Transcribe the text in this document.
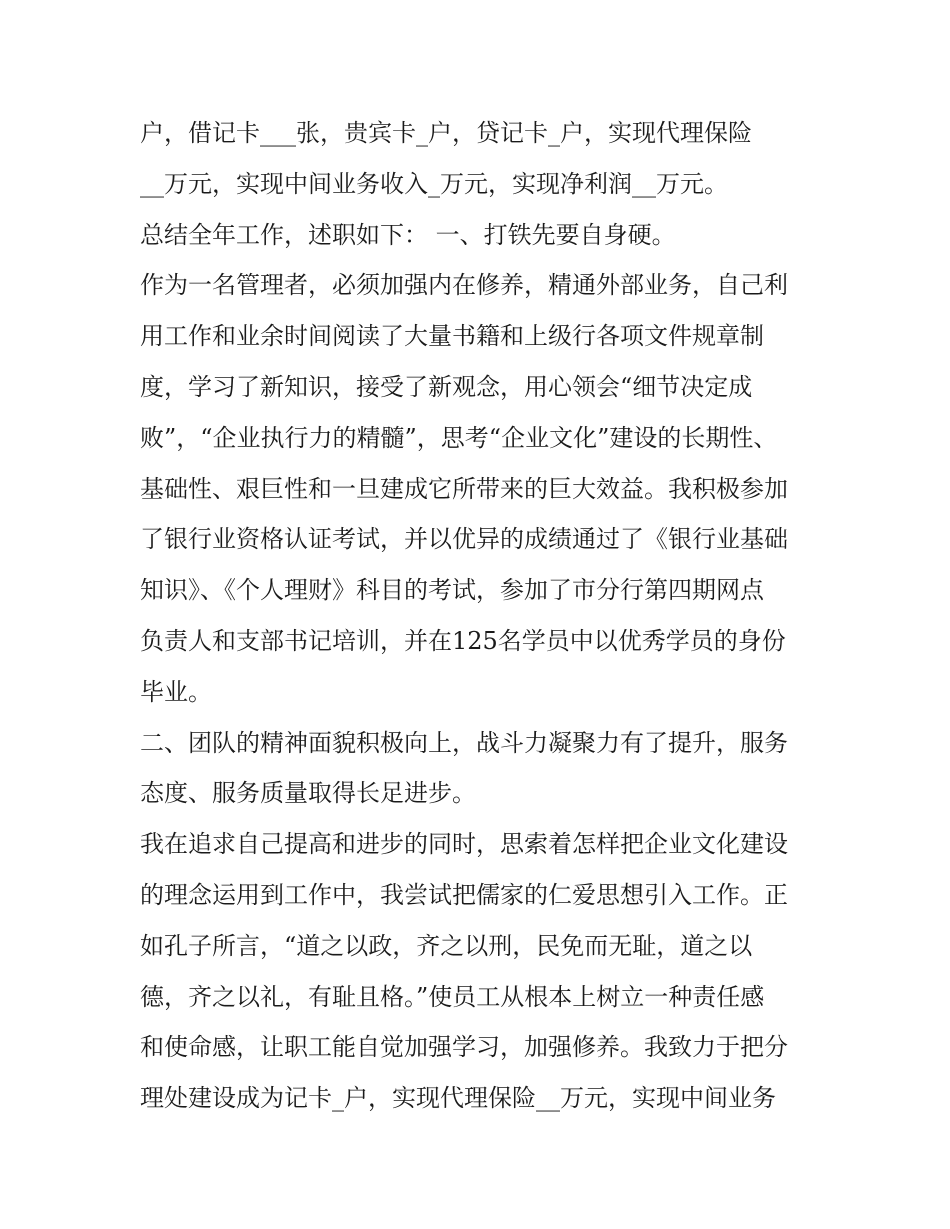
户，借记卡___张，贵宾卡_户，贷记卡_户，实现代理保险
__万元，实现中间业务收入_万元，实现净利润__万元。
总结全年工作，述职如下： 一、打铁先要自身硬。
作为一名管理者，必须加强内在修养，精通外部业务，自己利
用工作和业余时间阅读了大量书籍和上级行各项文件规章制
度，学习了新知识，接受了新观念，用心领会“细节决定成
败”，“企业执行力的精髓”，思考“企业文化”建设的长期性、
基础性、艰巨性和一旦建成它所带来的巨大效益。我积极参加
了银行业资格认证考试，并以优异的成绩通过了《银行业基础
知识》、《个人理财》科目的考试，参加了市分行第四期网点
负责人和支部书记培训，并在125名学员中以优秀学员的身份
毕业。
二、团队的精神面貌积极向上，战斗力凝聚力有了提升，服务
态度、服务质量取得长足进步。
我在追求自己提高和进步的同时，思索着怎样把企业文化建设
的理念运用到工作中，我尝试把儒家的仁爱思想引入工作。正
如孔子所言，“道之以政，齐之以刑，民免而无耻，道之以
德，齐之以礼，有耻且格。”使员工从根本上树立一种责任感
和使命感，让职工能自觉加强学习，加强修养。我致力于把分
理处建设成为记卡_户，实现代理保险__万元，实现中间业务
